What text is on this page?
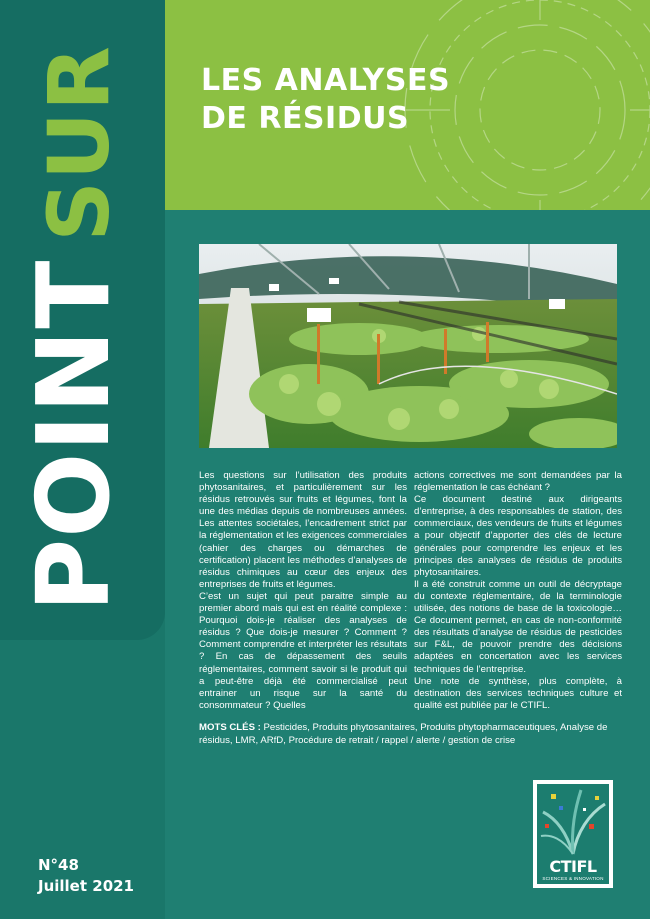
POINTSUR
N°48
Juillet 2021
LES ANALYSES
DE RÉSIDUS

Les questions sur l’utilisation des produits phytosanitaires, et particulièrement sur les résidus retrouvés sur fruits et légumes, font la une des médias depuis de nombreuses années. Les attentes sociétales, l’encadrement strict par la réglementation et les exigences commerciales (cahier des charges ou démarches de certification) placent les méthodes d’analyses de résidus chimiques au cœur des enjeux des entreprises de fruits et légumes.

C’est un sujet qui peut paraitre simple au premier abord mais qui est en réalité complexe : Pourquoi dois-je réaliser des analyses de résidus ? Que dois-je mesurer ? Comment ? Comment comprendre et interpréter les résultats ? En cas de dépassement des seuils réglementaires, comment savoir si le produit qui a peut-être déjà été commercialisé peut entrainer un risque sur la santé du consommateur ? Quelles

actions correctives me sont demandées par la réglementation le cas échéant ?

Ce document destiné aux dirigeants d’entreprise, à des responsables de station, des commerciaux, des vendeurs de fruits et légumes a pour objectif d’apporter des clés de lecture générales pour comprendre les enjeux et les principes des analyses de résidus de produits phytosanitaires.

Il a été construit comme un outil de décryptage du contexte réglementaire, de la terminologie utilisée, des notions de base de la toxicologie… Ce document permet, en cas de non-conformité des résultats d’analyse de résidus de pesticides sur F&L, de pouvoir prendre des décisions adaptées en concertation avec les services techniques de l’entreprise.

Une note de synthèse, plus complète, à destination des services techniques culture et qualité est publiée par le CTIFL.

MOTS CLÉS : Pesticides, Produits phytosanitaires, Produits phytopharmaceutiques, Analyse de résidus, LMR, ARfD, Procédure de retrait / rappel / alerte / gestion de crise
CTIFL
SCIENCES & INNOVATION
